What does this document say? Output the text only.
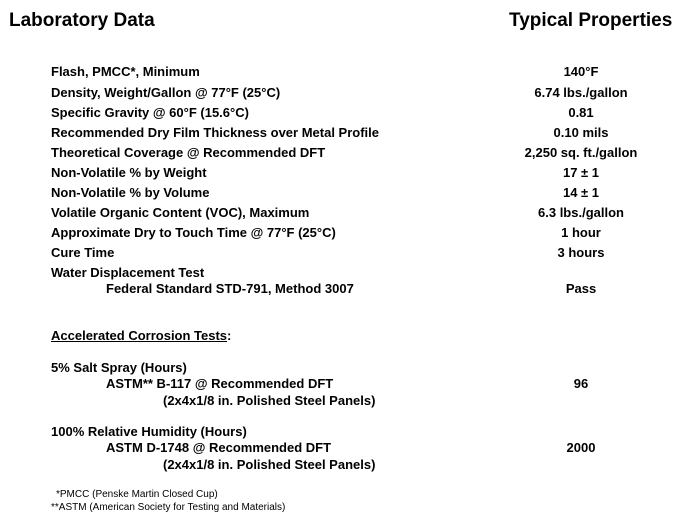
Laboratory Data	Typical Properties
Flash, PMCC*, Minimum
Density, Weight/Gallon @ 77°F (25°C)
Specific Gravity @ 60°F (15.6°C)
Recommended Dry Film Thickness over Metal Profile
Theoretical Coverage @ Recommended DFT
Non-Volatile % by Weight
Non-Volatile % by Volume
Volatile Organic Content (VOC), Maximum
Approximate Dry to Touch Time @ 77°F (25°C)
Cure Time
140°F
6.74 lbs./gallon
0.81
0.10 mils
2,250 sq. ft./gallon
17 ± 1
14 ± 1
6.3 lbs./gallon
1 hour
3 hours
Water Displacement Test
Federal Standard STD-791, Method 3007	Pass
Accelerated Corrosion Tests:
5% Salt Spray (Hours)
ASTM** B-117 @ Recommended DFT
(2x4x1/8 in. Polished Steel Panels)
96
100% Relative Humidity (Hours)
ASTM D-1748 @ Recommended DFT
(2x4x1/8 in. Polished Steel Panels)
2000
*PMCC (Penske Martin Closed Cup)
**ASTM (American Society for Testing and Materials)
